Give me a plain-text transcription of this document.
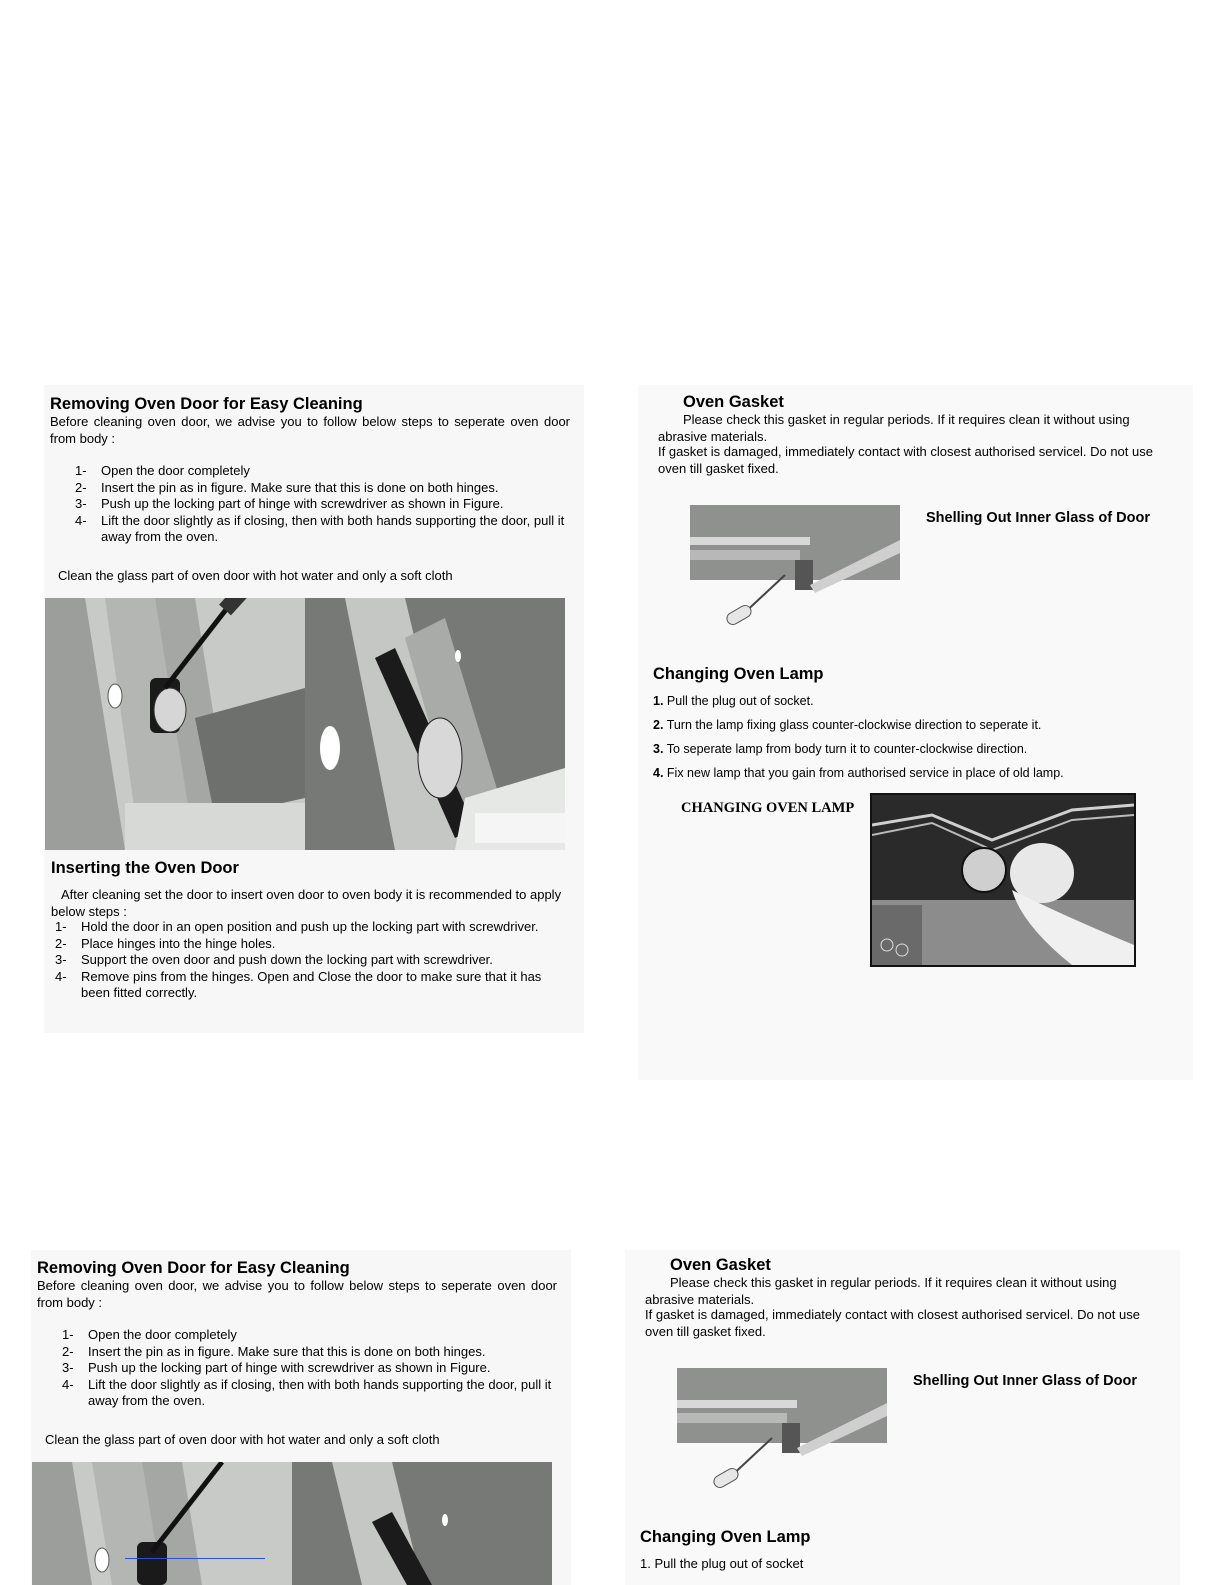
Removing Oven Door for Easy Cleaning

Before cleaning oven door, we advise you to follow below steps to seperate oven door from body :

1- Open the door completely
2- Insert the pin as in figure. Make sure that this is done on both hinges.
3- Push up the locking part of hinge with screwdriver as shown in Figure.
4- Lift the door slightly as if closing, then with both hands supporting the door, pull it away from the oven.

Clean the glass part of oven door with hot water and only a soft cloth

Inserting the Oven Door

After cleaning set the door to insert oven door to oven body it is recommended to apply below steps :

1- Hold the door in an open position and push up the locking part with screwdriver.
2- Place hinges into the hinge holes.
3- Support the oven door and push down the locking part with screwdriver.
4- Remove pins from the hinges. Open and Close the door to make sure that it has been fitted correctly.
Oven Gasket

Please check this gasket in regular periods. If it requires clean it without using abrasive materials.

If gasket is damaged, immediately contact with closest authorised servicel. Do not use oven till gasket fixed.

Shelling Out Inner Glass of Door
Changing Oven Lamp
1. Pull the plug out of socket.
2. Turn the lamp fixing glass counter-clockwise direction to seperate it.
3. To seperate lamp from body turn it to counter-clockwise direction.
4. Fix new lamp that you gain from authorised service in place of old lamp.
CHANGING OVEN LAMP
Removing Oven Door for Easy Cleaning

Before cleaning oven door, we advise you to follow below steps to seperate oven door from body :

1- Open the door completely
2- Insert the pin as in figure. Make sure that this is done on both hinges.
3- Push up the locking part of hinge with screwdriver as shown in Figure.
4- Lift the door slightly as if closing, then with both hands supporting the door, pull it away from the oven.

Clean the glass part of oven door with hot water and only a soft cloth

Oven Gasket

Please check this gasket in regular periods. If it requires clean it without using abrasive materials.

If gasket is damaged, immediately contact with closest authorised servicel. Do not use oven till gasket fixed.

Shelling Out Inner Glass of Door
Changing Oven Lamp

1. Pull the plug out of socket
